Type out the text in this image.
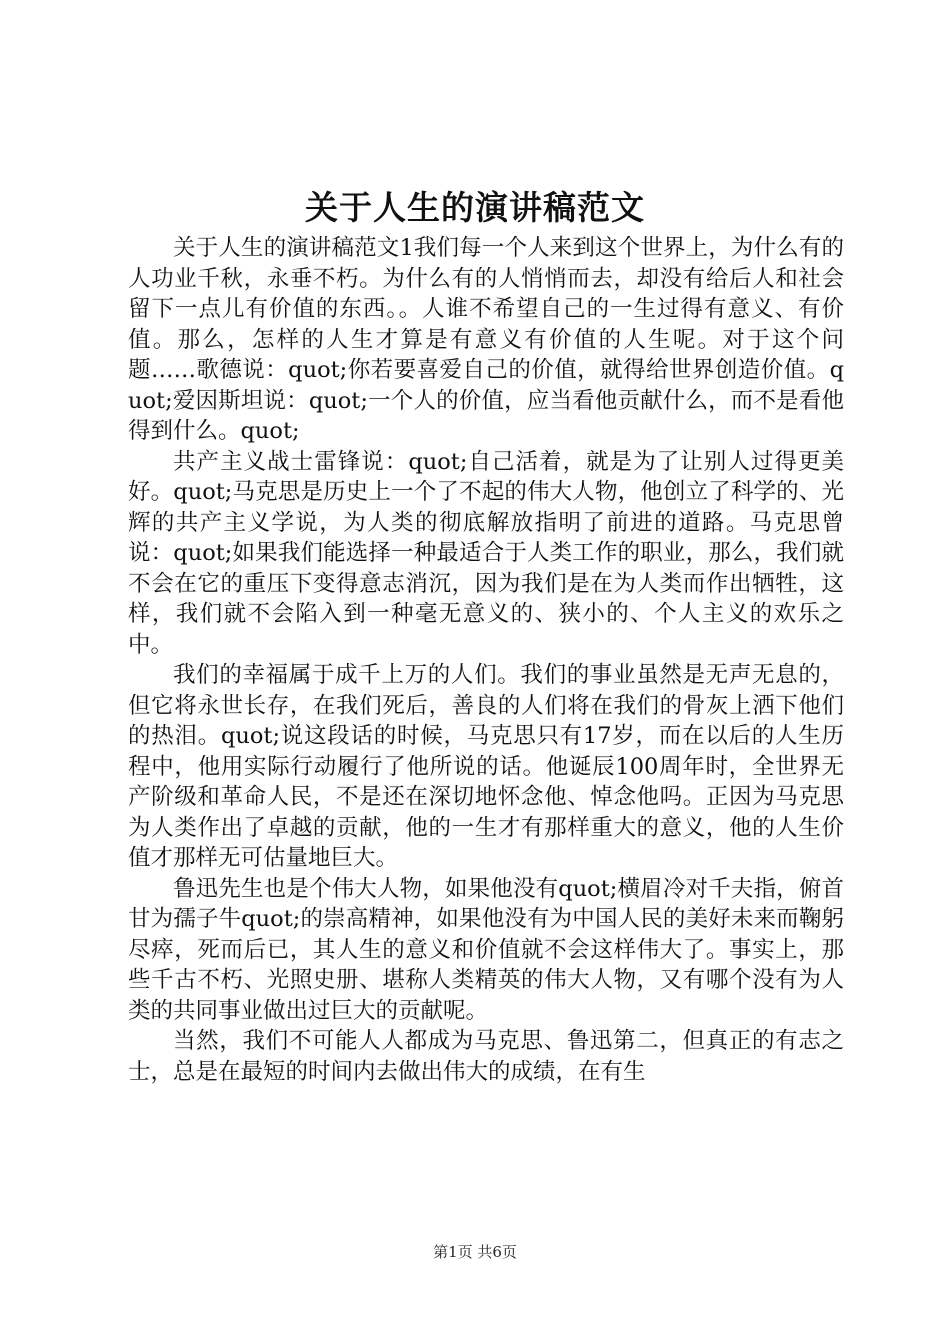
关于人生的演讲稿范文

关于人生的演讲稿范文1我们每一个人来到这个世界上，为什么有的人功业千秋，永垂不朽。为什么有的人悄悄而去，却没有给后人和社会留下一点儿有价值的东西。。人谁不希望自己的一生过得有意义、有价值。那么，怎样的人生才算是有意义有价值的人生呢。对于这个问题……歌德说：quot;你若要喜爱自己的价值，就得给世界创造价值。quot;爱因斯坦说：quot;一个人的价值，应当看他贡献什么，而不是看他得到什么。quot;

共产主义战士雷锋说：quot;自己活着，就是为了让别人过得更美好。quot;马克思是历史上一个了不起的伟大人物，他创立了科学的、光辉的共产主义学说，为人类的彻底解放指明了前进的道路。马克思曾说：quot;如果我们能选择一种最适合于人类工作的职业，那么，我们就不会在它的重压下变得意志消沉，因为我们是在为人类而作出牺牲，这样，我们就不会陷入到一种毫无意义的、狭小的、个人主义的欢乐之中。

我们的幸福属于成千上万的人们。我们的事业虽然是无声无息的，但它将永世长存，在我们死后，善良的人们将在我们的骨灰上洒下他们的热泪。quot;说这段话的时候，马克思只有17岁，而在以后的人生历程中，他用实际行动履行了他所说的话。他诞辰100周年时，全世界无产阶级和革命人民，不是还在深切地怀念他、悼念他吗。正因为马克思为人类作出了卓越的贡献，他的一生才有那样重大的意义，他的人生价值才那样无可估量地巨大。

鲁迅先生也是个伟大人物，如果他没有quot;横眉冷对千夫指，俯首甘为孺子牛quot;的崇高精神，如果他没有为中国人民的美好未来而鞠躬尽瘁，死而后已，其人生的意义和价值就不会这样伟大了。事实上，那些千古不朽、光照史册、堪称人类精英的伟大人物，又有哪个没有为人类的共同事业做出过巨大的贡献呢。

当然，我们不可能人人都成为马克思、鲁迅第二，但真正的有志之士，总是在最短的时间内去做出伟大的成绩，在有生

第1页 共6页
